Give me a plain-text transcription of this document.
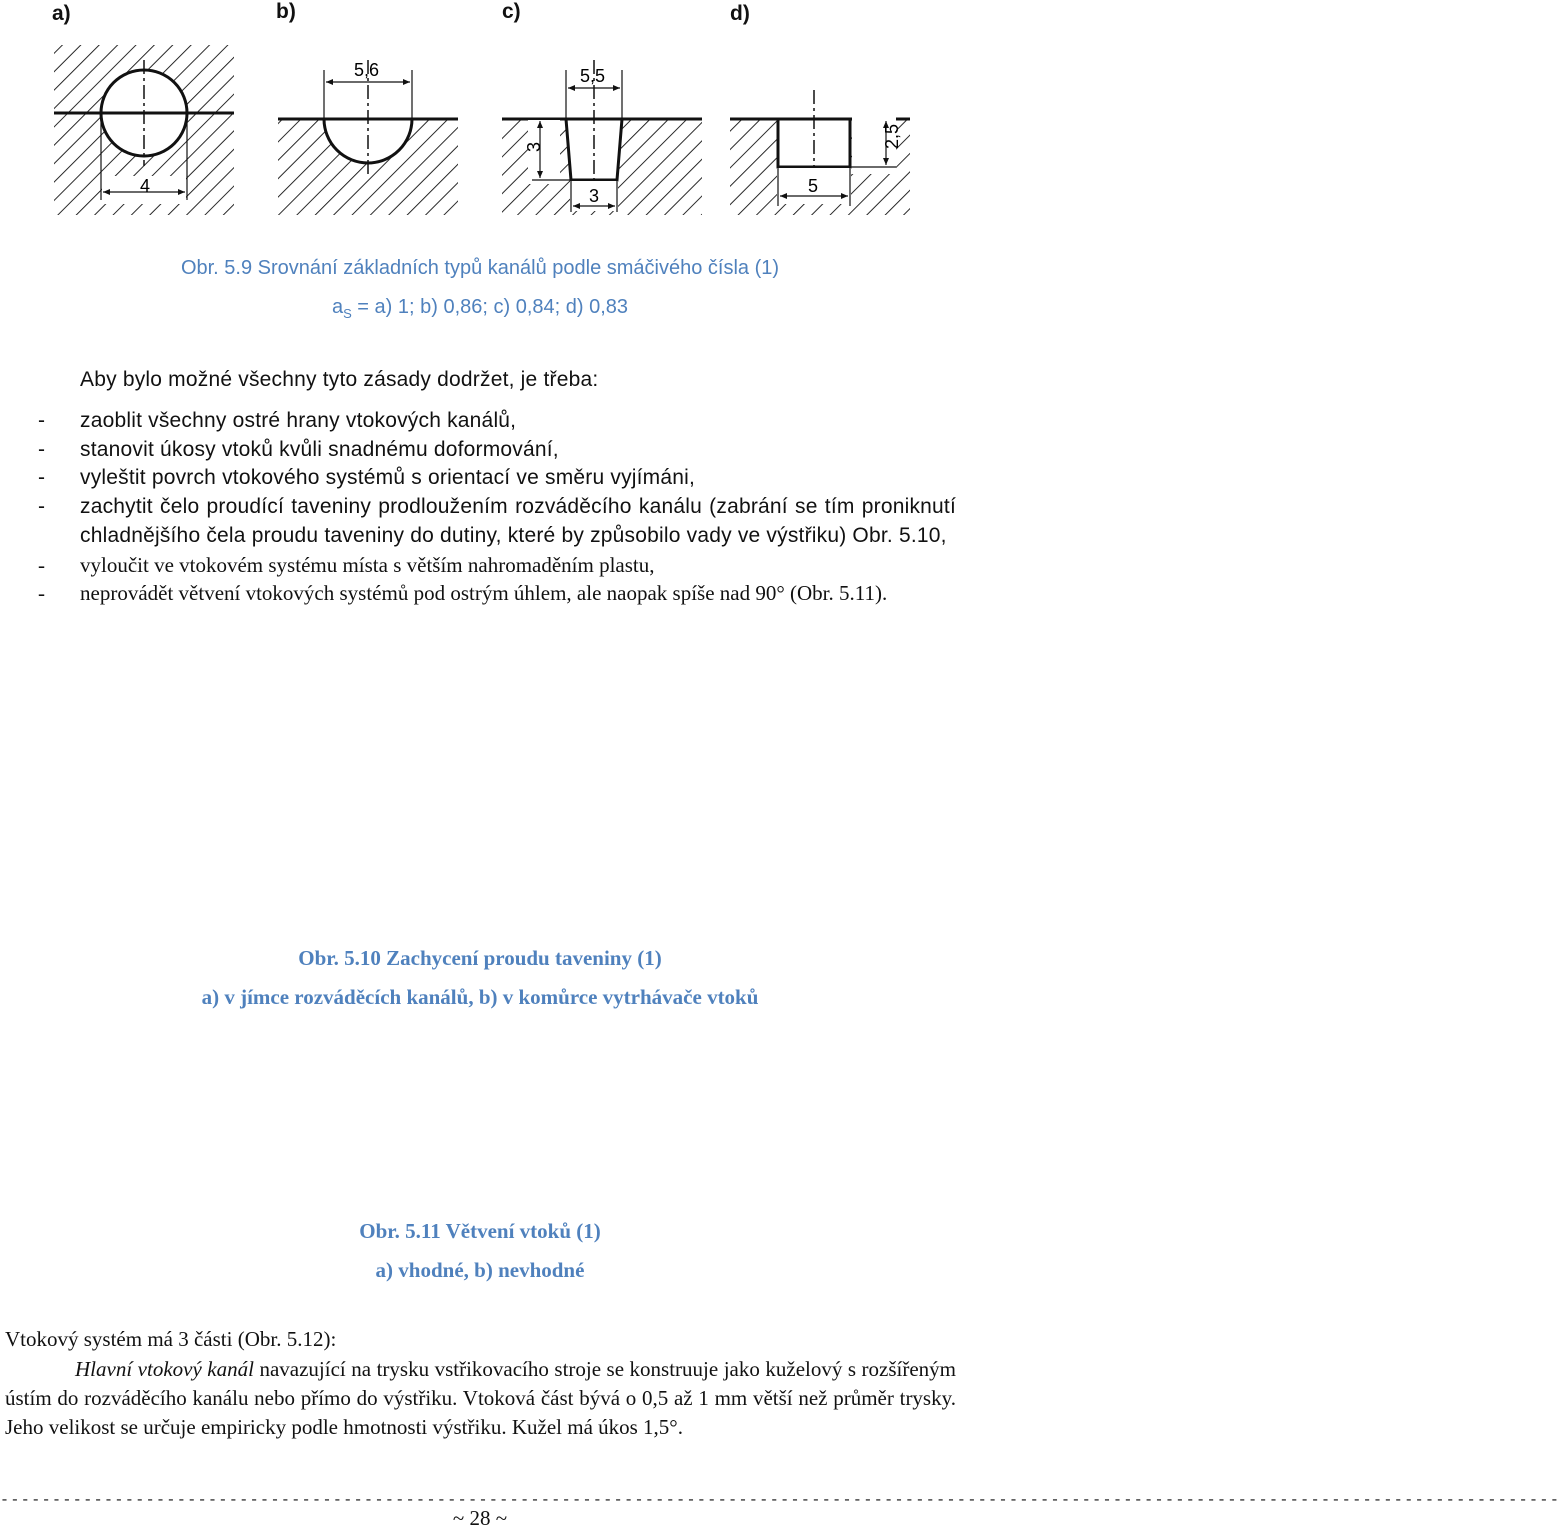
a)	b)	c)	d)
4
5,6	5,5
3
3
2,5
5
Obr. 5.9 Srovnání základních typů kanálů podle smáčivého čísla (1)
$a_S = a$) 1; b) 0,86; c) 0,84; d) 0,83
Aby bylo možné všechny tyto zásady dodržet, je třeba:
- zaoblit všechny ostré hrany vtokových kanálů,
- stanovit úkosy vtoků kvůli snadnému doformování,
- vyleštit povrch vtokového systémů s orientací ve směru vyjímáni,
- zachytit čelo proudící taveniny prodloužením rozváděcího kanálu (zabrání se tím proniknutí chladnějšího čela proudu taveniny do dutiny, které by způsobilo vady ve výstřiku) Obr. 5.10,
- vyloučit ve vtokovém systému místa s větším nahromaděním plastu,
- neprovádět větvení vtokových systémů pod ostrým úhlem, ale naopak spíše nad 90° (Obr. 5.11).
Obr. 5.10 Zachycení proudu taveniny (1)
a) v jímce rozváděcích kanálů, b) v komůrce vytrhávače vtoků
Obr. 5.11 Větvení vtoků (1)
a) vhodné, b) nevhodné
Vtokový systém má 3 části (Obr. 5.12):
Hlavní vtokový kanál navazující na trysku vstřikovacího stroje se konstruuje jako kuželový s rozšířeným ústím do rozváděcího kanálu nebo přímo do výstřiku. Vtoková část bývá o 0,5 až 1 mm větší než průměr trysky. Jeho velikost se určuje empiricky podle hmotnosti výstřiku. Kužel má úkos 1,5°.
------------------------------------------------------------------------------------------------------------------------------------------------------
~ 28 ~
